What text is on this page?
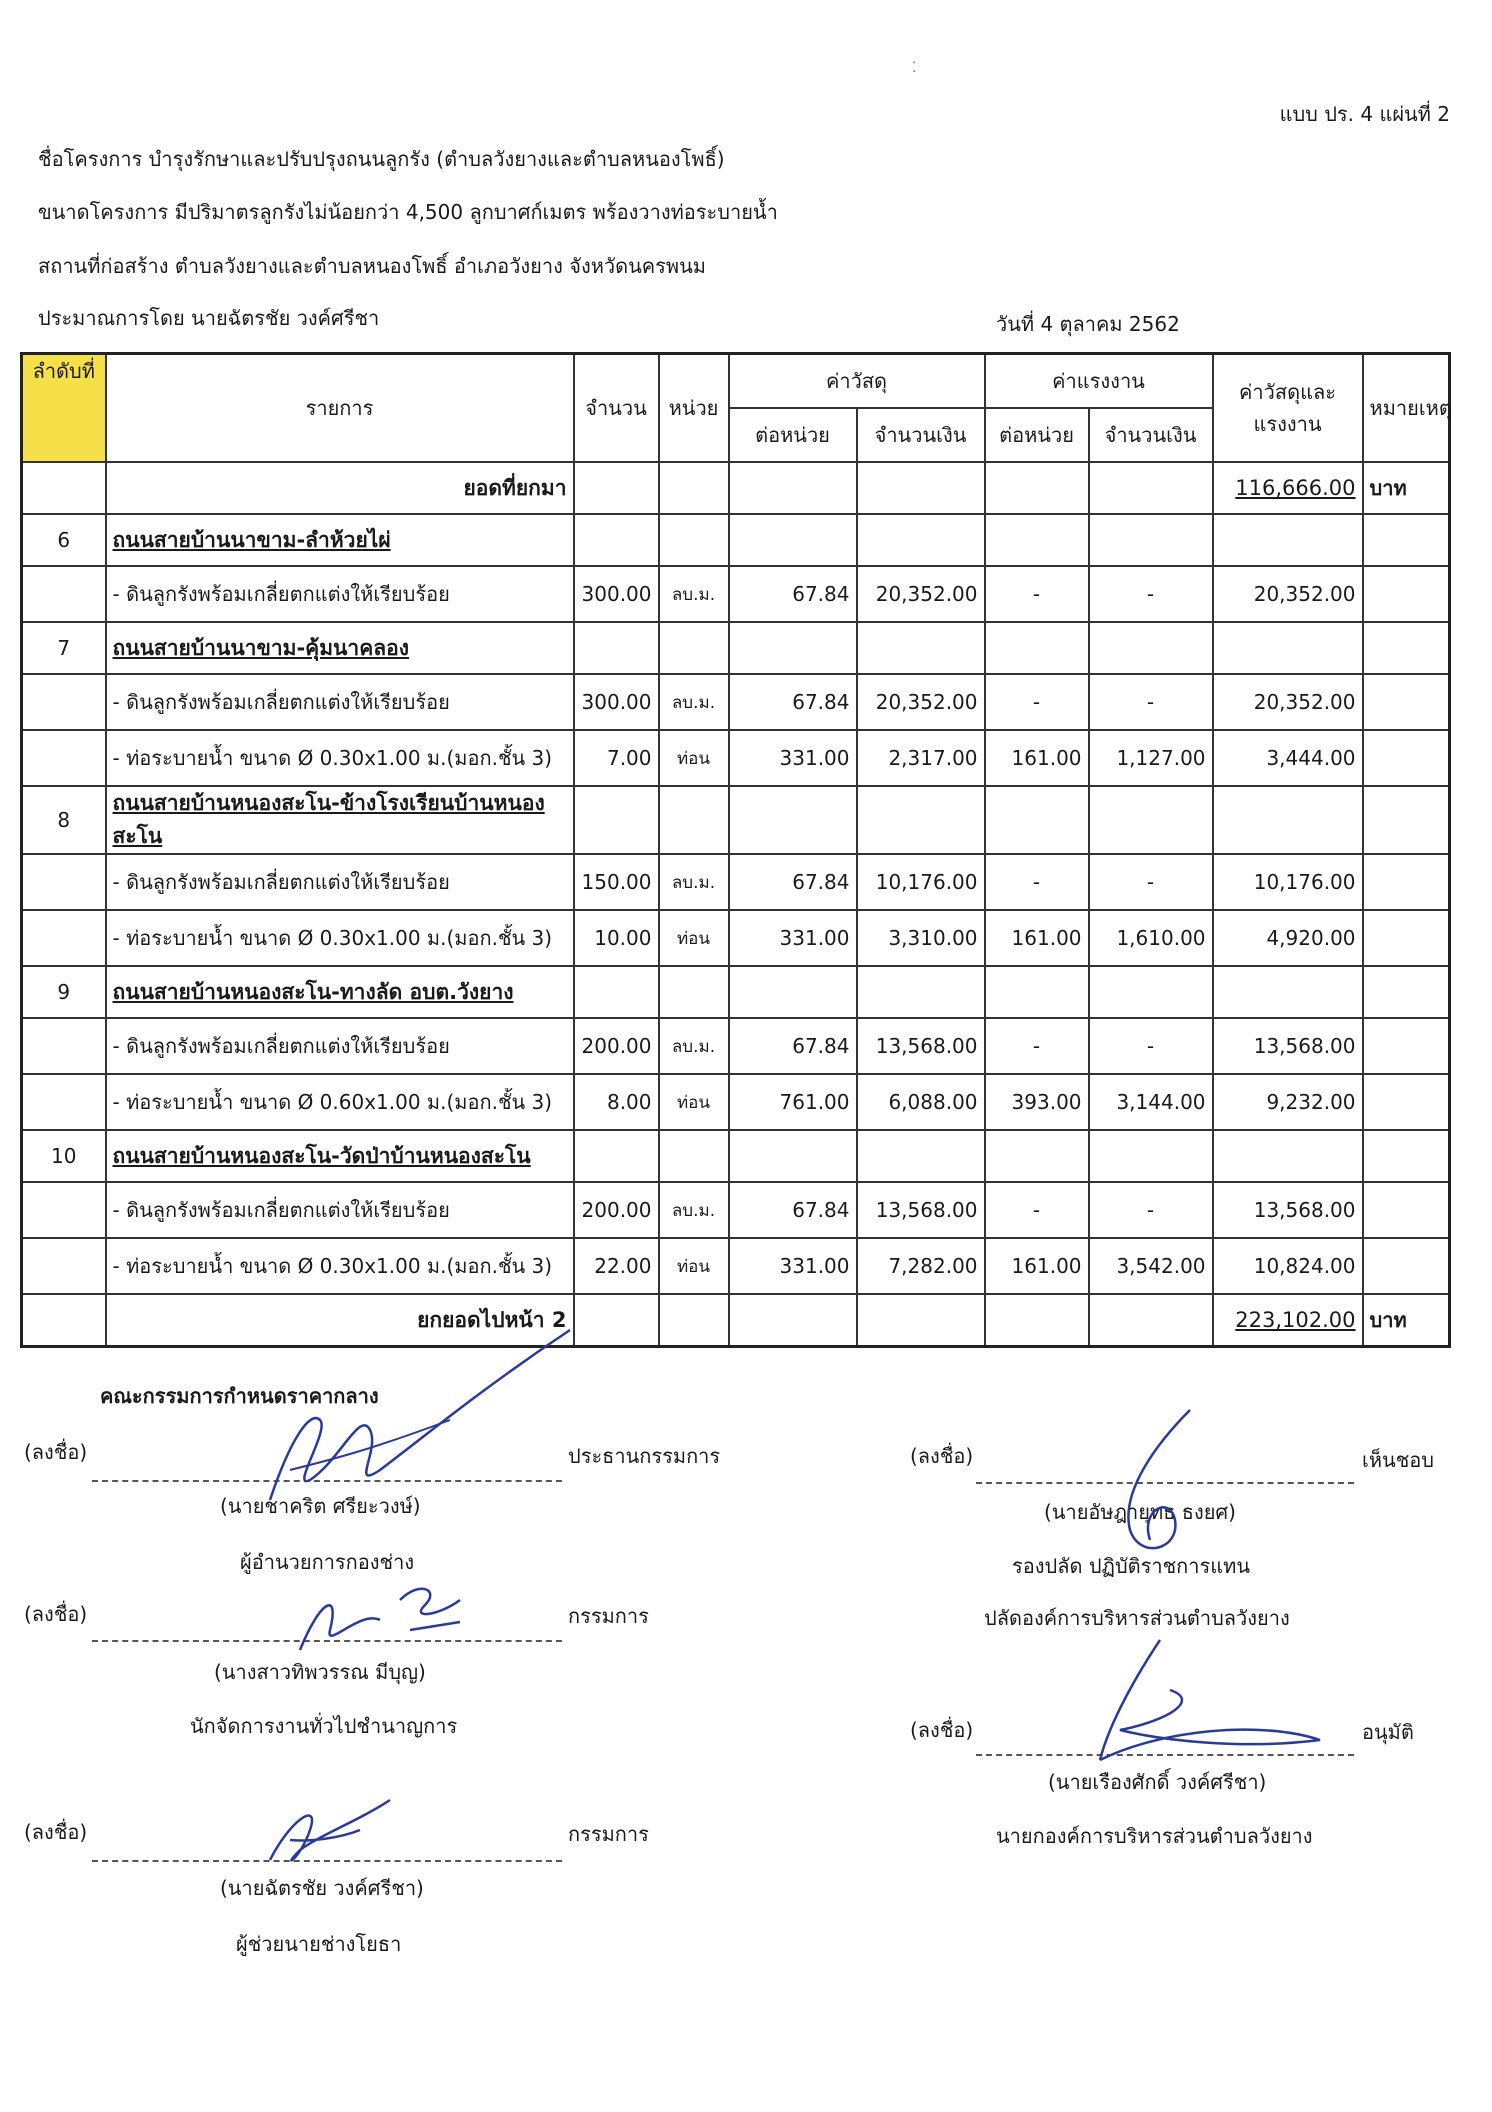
⁚
แบบ ปร. 4 แผ่นที่ 2
ชื่อโครงการ บำรุงรักษาและปรับปรุงถนนลูกรัง (ตำบลวังยางและตำบลหนองโพธิ์)
ขนาดโครงการ มีปริมาตรลูกรังไม่น้อยกว่า 4,500 ลูกบาศก์เมตร พร้องวางท่อระบายน้ำ
สถานที่ก่อสร้าง ตำบลวังยางและตำบลหนองโพธิ์ อำเภอวังยาง จังหวัดนครพนม
ประมาณการโดย นายฉัตรชัย วงค์ศรีชา	วันที่ 4 ตุลาคม 2562
ลำดับที่	รายการ	จำนวน	หน่วย	ค่าวัสดุ		ค่าแรงงาน		ค่าวัสดุและแรงงาน	หมายเหตุ
				ต่อหน่วย	จำนวนเงิน	ต่อหน่วย	จำนวนเงิน		
	ยอดที่ยกมา							116,666.00	บาท
6	ถนนสายบ้านนาขาม-ลำห้วยไผ่								
	- ดินลูกรังพร้อมเกลี่ยตกแต่งให้เรียบร้อย	300.00	ลบ.ม.	67.84	20,352.00	-	-	20,352.00	
7	ถนนสายบ้านนาขาม-คุ้มนาคลอง								
	- ดินลูกรังพร้อมเกลี่ยตกแต่งให้เรียบร้อย	300.00	ลบ.ม.	67.84	20,352.00	-	-	20,352.00	
	- ท่อระบายน้ำ ขนาด Ø 0.30x1.00 ม.(มอก.ชั้น 3)	7.00	ท่อน	331.00	2,317.00	161.00	1,127.00	3,444.00	
8	ถนนสายบ้านหนองสะโน-ข้างโรงเรียนบ้านหนองสะโน								
	- ดินลูกรังพร้อมเกลี่ยตกแต่งให้เรียบร้อย	150.00	ลบ.ม.	67.84	10,176.00	-	-	10,176.00	
	- ท่อระบายน้ำ ขนาด Ø 0.30x1.00 ม.(มอก.ชั้น 3)	10.00	ท่อน	331.00	3,310.00	161.00	1,610.00	4,920.00	
9	ถนนสายบ้านหนองสะโน-ทางลัด อบต.วังยาง								
	- ดินลูกรังพร้อมเกลี่ยตกแต่งให้เรียบร้อย	200.00	ลบ.ม.	67.84	13,568.00	-	-	13,568.00	
	- ท่อระบายน้ำ ขนาด Ø 0.60x1.00 ม.(มอก.ชั้น 3)	8.00	ท่อน	761.00	6,088.00	393.00	3,144.00	9,232.00	
10	ถนนสายบ้านหนองสะโน-วัดป่าบ้านหนองสะโน								
	- ดินลูกรังพร้อมเกลี่ยตกแต่งให้เรียบร้อย	200.00	ลบ.ม.	67.84	13,568.00	-	-	13,568.00	
	- ท่อระบายน้ำ ขนาด Ø 0.30x1.00 ม.(มอก.ชั้น 3)	22.00	ท่อน	331.00	7,282.00	161.00	3,542.00	10,824.00	
	ยกยอดไปหน้า 2							223,102.00	บาท
คณะกรรมการกำหนดราคากลาง
(ลงชื่อ)	ประธานกรรมการ
(นายชาคริต ศรียะวงษ์)
ผู้อำนวยการกองช่าง
(ลงชื่อ)	กรรมการ
(นางสาวทิพวรรณ มีบุญ)
นักจัดการงานทั่วไปชำนาญการ
(ลงชื่อ)	กรรมการ
(นายฉัตรชัย วงค์ศรีชา)
ผู้ช่วยนายช่างโยธา
(ลงชื่อ)	เห็นชอบ
(นายอัษฎายุทธ ธงยศ)
รองปลัด ปฏิบัติราชการแทน
ปลัดองค์การบริหารส่วนตำบลวังยาง
(ลงชื่อ)	อนุมัติ
(นายเรืองศักดิ์ วงค์ศรีชา)
นายกองค์การบริหารส่วนตำบลวังยาง
